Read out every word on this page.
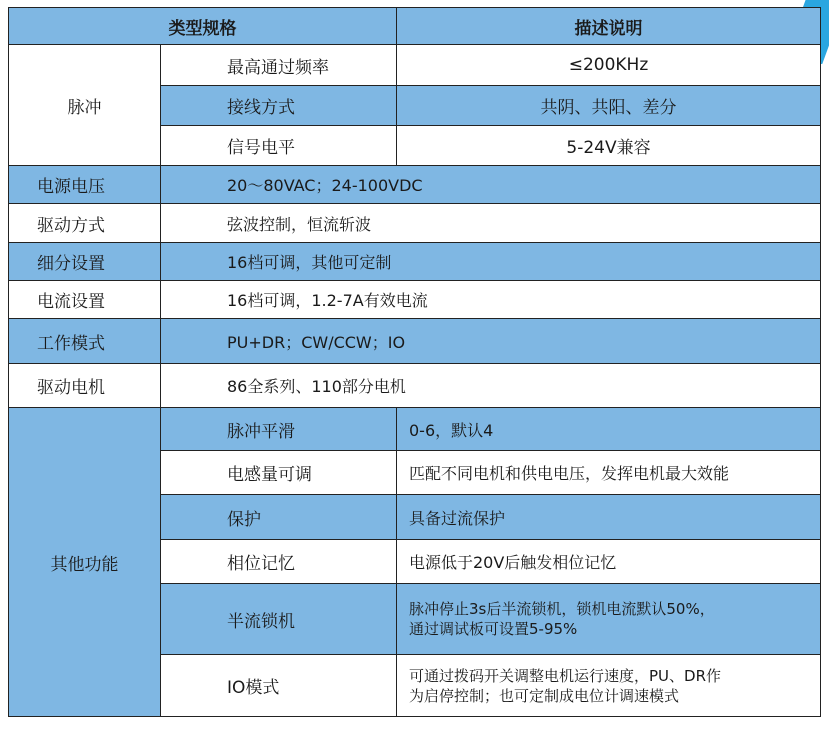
类型规格		描述说明
脉冲	最高通过频率	≤200KHz
	接线方式	共阴、共阳、差分
	信号电平	5-24V兼容
电源电压	20～80VAC；24-100VDC	
驱动方式	弦波控制，恒流斩波	
细分设置	16档可调，其他可定制	
电流设置	16档可调，1.2-7A有效电流	
工作模式	PU+DR；CW/CCW；IO	
驱动电机	86全系列、110部分电机	
其他功能	脉冲平滑	0-6，默认4
	电感量可调	匹配不同电机和供电电压，发挥电机最大效能
	保护	具备过流保护
	相位记忆	电源低于20V后触发相位记忆
	半流锁机	脉冲停止3s后半流锁机，锁机电流默认50%，
通过调试板可设置5-95%

	IO模式	可通过拨码开关调整电机运行速度，PU、DR作
为启停控制；也可定制成电位计调速模式
